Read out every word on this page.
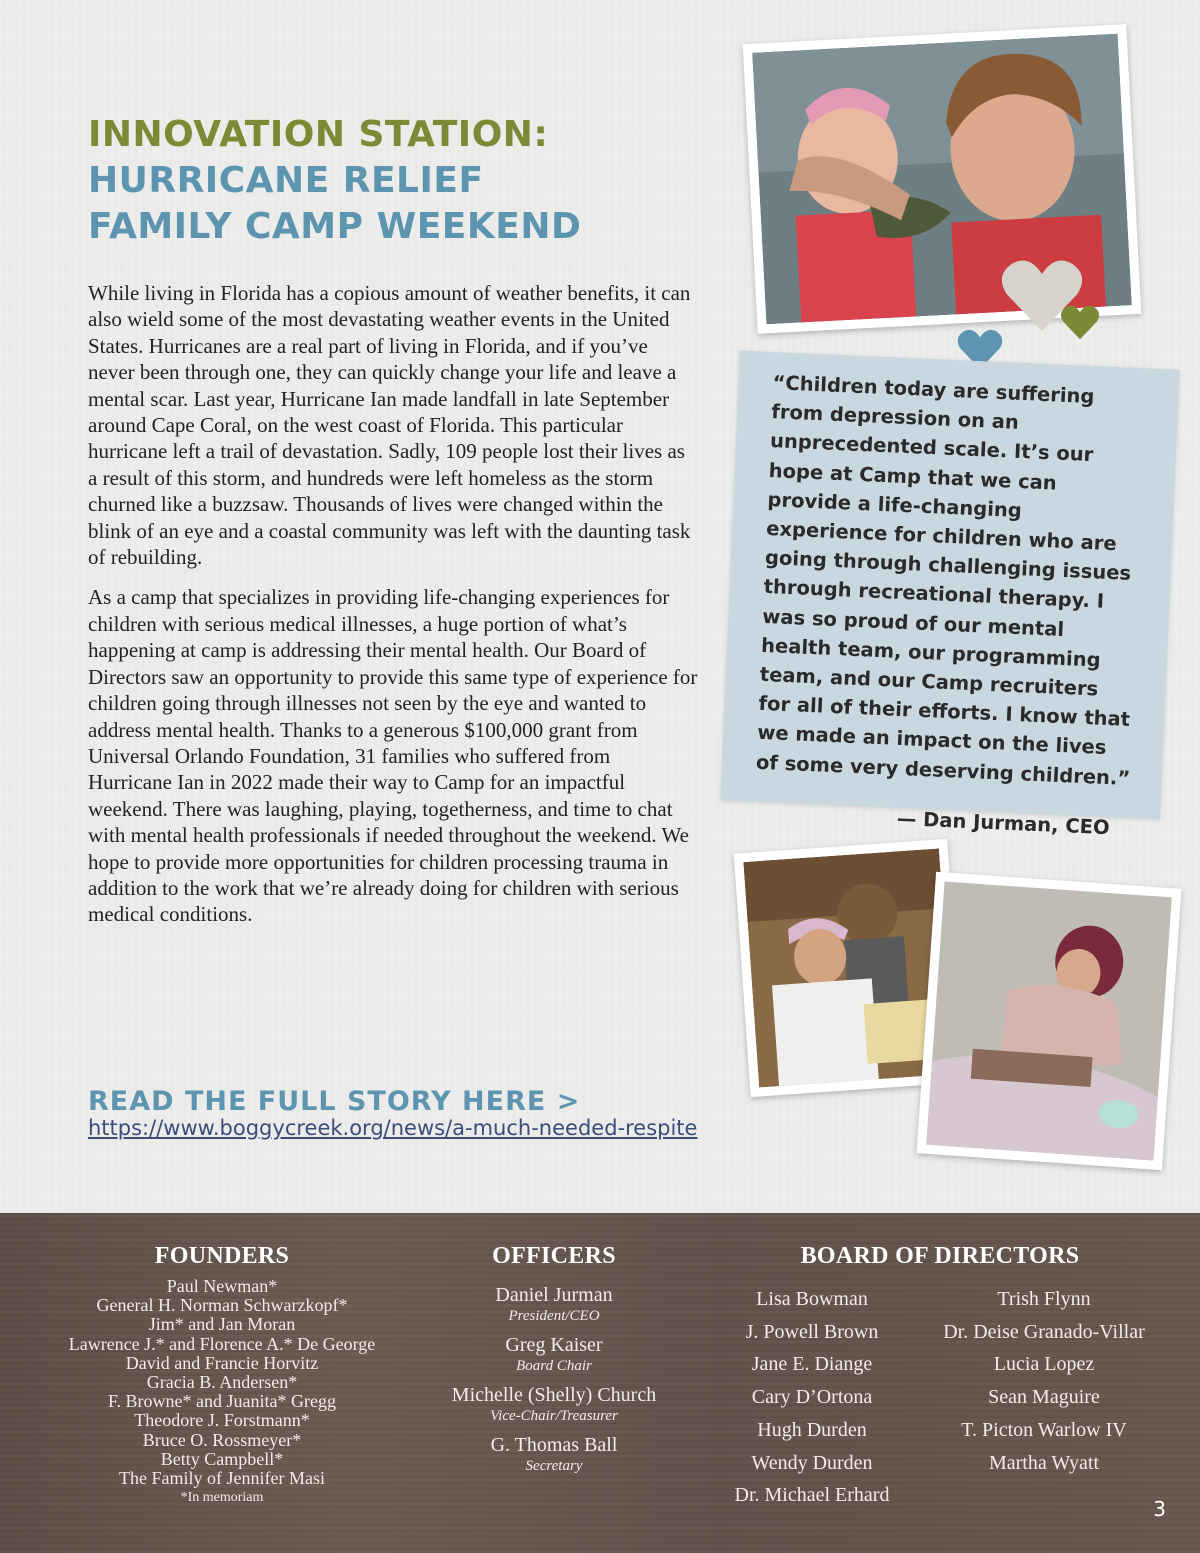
INNOVATION STATION:
HURRICANE RELIEF
FAMILY CAMP WEEKEND

While living in Florida has a copious amount of weather benefits, it can also wield some of the most devastating weather events in the United States. Hurricanes are a real part of living in Florida, and if you’ve never been through one, they can quickly change your life and leave a mental scar. Last year, Hurricane Ian made landfall in late September around Cape Coral, on the west coast of Florida. This particular hurricane left a trail of devastation. Sadly, 109 people lost their lives as a result of this storm, and hundreds were left homeless as the storm churned like a buzzsaw. Thousands of lives were changed within the blink of an eye and a coastal community was left with the daunting task of rebuilding.

As a camp that specializes in providing life-changing experiences for children with serious medical illnesses, a huge portion of what’s happening at camp is addressing their mental health. Our Board of Directors saw an opportunity to provide this same type of experience for children going through illnesses not seen by the eye and wanted to address mental health. Thanks to a generous $100,000 grant from Universal Orlando Foundation, 31 families who suffered from Hurricane Ian in 2022 made their way to Camp for an impactful weekend. There was laughing, playing, togetherness, and time to chat with mental health professionals if needed throughout the weekend. We hope to provide more opportunities for children processing trauma in addition to the work that we’re already doing for children with serious medical conditions.

READ THE FULL STORY HERE >
https://www.boggycreek.org/news/a-much-needed-respite
“Children today are suffering from depression on an unprecedented scale. It’s our hope at Camp that we can provide a life-changing experience for children who are going through challenging issues through recreational therapy. I was so proud of our mental health team, our programming team, and our Camp recruiters for all of their efforts. I know that we made an impact on the lives of some very deserving children.”
— Dan Jurman, CEO
FOUNDERS
Paul Newman*
General H. Norman Schwarzkopf*
Jim* and Jan Moran
Lawrence J.* and Florence A.* De George
David and Francie Horvitz
Gracia B. Andersen*
F. Browne* and Juanita* Gregg
Theodore J. Forstmann*
Bruce O. Rossmeyer*
Betty Campbell*
The Family of Jennifer Masi
*In memoriam
OFFICERS
Daniel Jurman
President/CEO
Greg Kaiser
Board Chair
Michelle (Shelly) Church
Vice-Chair/Treasurer
G. Thomas Ball
Secretary
BOARD OF DIRECTORS
Lisa Bowman
J. Powell Brown
Jane E. Diange
Cary D’Ortona
Hugh Durden
Wendy Durden
Dr. Michael Erhard
Trish Flynn
Dr. Deise Granado-Villar
Lucia Lopez
Sean Maguire
T. Picton Warlow IV
Martha Wyatt
3
